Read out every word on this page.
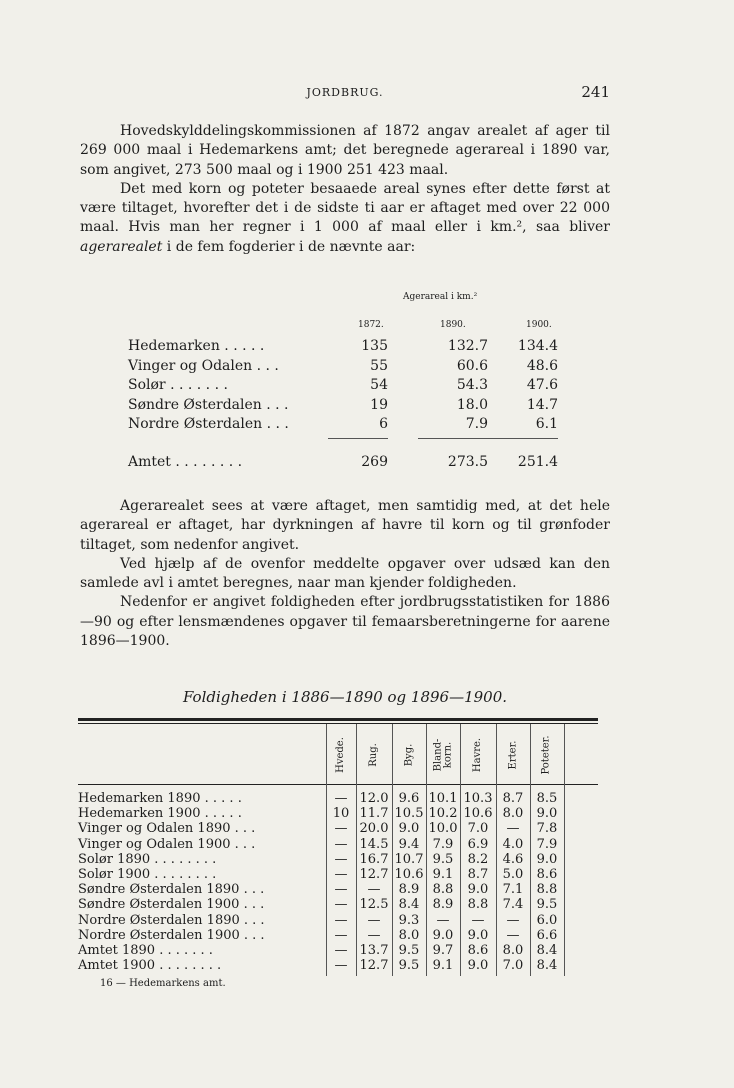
JORDBRUG.	241

Hovedskylddelingskommissionen af 1872 angav arealet af ager til 269 000 maal i Hedemarkens amt; det beregnede agerareal i 1890 var, som angivet, 273 500 maal og i 1900 251 423 maal.

Det med korn og poteter besaaede areal synes efter dette først at være tiltaget, hvorefter det i de sidste ti aar er aftaget med over 22 000 maal. Hvis man her regner i 1 000 af maal eller i km.², saa bliver agerarealet i de fem fogderier i de nævnte aar:

Agerareal i km.²
1872.	1890.	1900.
Hedemarken . . . . .	135	132.7	134.4
Vinger og Odalen . . .	55	60.6	48.6
Solør . . . . . . .	54	54.3	47.6
Søndre Østerdalen . . .	19	18.0	14.7
Nordre Østerdalen . . .	6	7.9	6.1
Amtet . . . . . . . .	269	273.5	251.4

Agerarealet sees at være aftaget, men samtidig med, at det hele agerareal er aftaget, har dyrkningen af havre til korn og til grønfoder tiltaget, som nedenfor angivet.

Ved hjælp af de ovenfor meddelte opgaver over udsæd kan den samlede avl i amtet beregnes, naar man kjender foldigheden.

Nedenfor er angivet foldigheden efter jordbrugsstatistiken for 1886—90 og efter lensmændenes opgaver til femaarsberetningerne for aarene 1896—1900.

Foldigheden i 1886—1890 og 1896—1900.
Hvede. Rug. Byg. Bland-
korn. Havre. Erter. Poteter.
Hedemarken 1890 . . . . .	— 12.0 9.6 10.1 10.3 8.7	8.5
Hedemarken 1900 . . . . .	10 11.7 10.5 10.2 10.6 8.0	9.0
Vinger og Odalen 1890 . . .	— 20.0 9.0 10.0 7.0	—	7.8
Vinger og Odalen 1900 . . .	— 14.5 9.4	7.9	6.9	4.0	7.9
Solør 1890 . . . . . . . .	— 16.7 10.7 9.5	8.2	4.6	9.0
Solør 1900 . . . . . . . .	— 12.7 10.6 9.1	8.7	5.0	8.6
Søndre Østerdalen 1890 . . .	—	—	8.9	8.8	9.0	7.1	8.8
Søndre Østerdalen 1900 . . .	— 12.5 8.4	8.9	8.8	7.4	9.5
Nordre Østerdalen 1890 . . .	—	—	9.3	—	—	—	6.0
Nordre Østerdalen 1900 . . .	—	—	8.0	9.0	9.0	—	6.6
Amtet 1890 . . . . . . .	— 13.7 9.5	9.7	8.6	8.0	8.4
Amtet 1900 . . . . . . . .	— 12.7 9.5	9.1	9.0	7.0	8.4
16 — Hedemarkens amt.
